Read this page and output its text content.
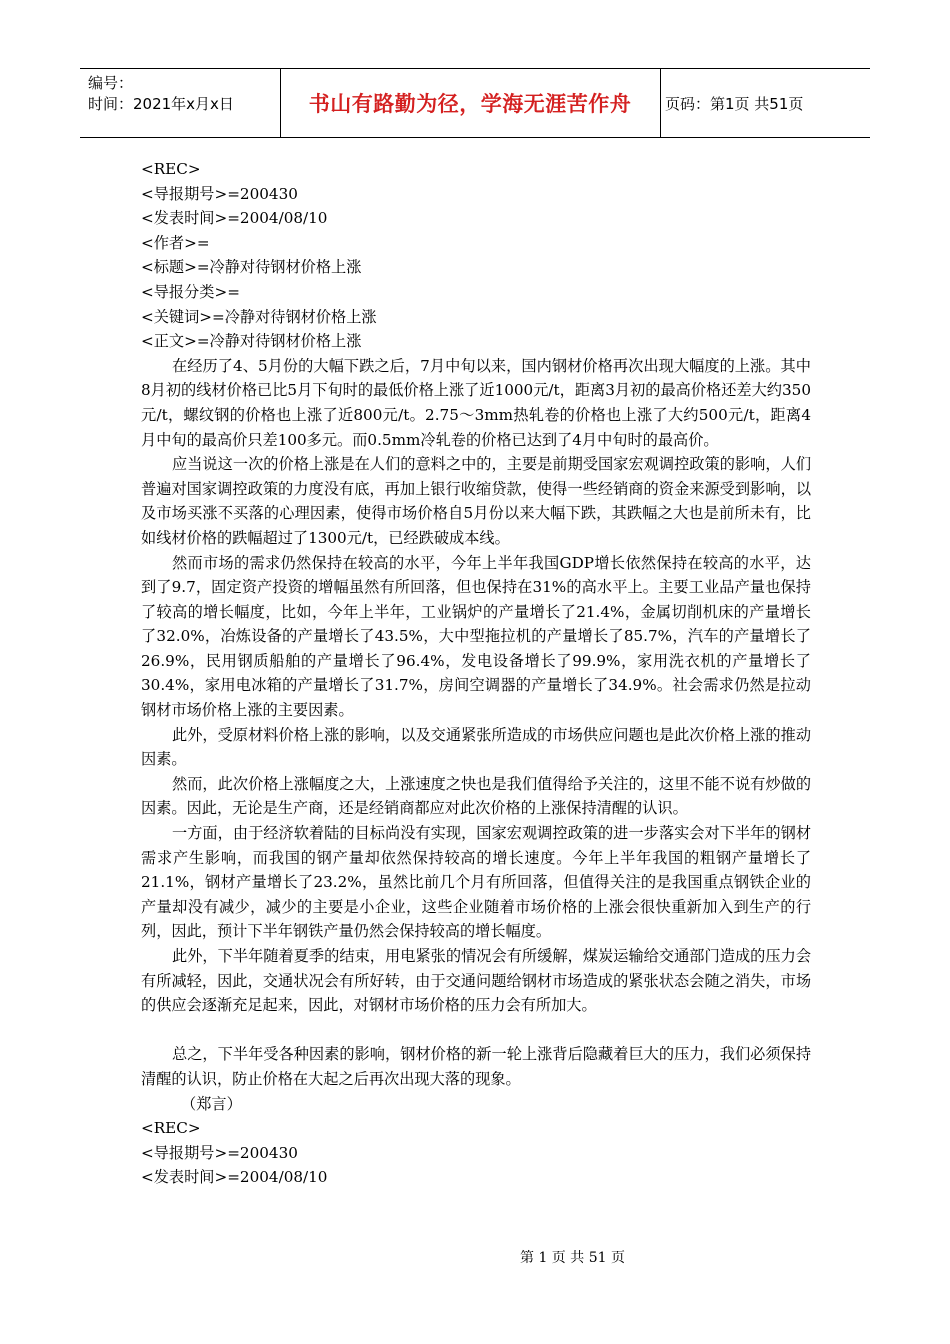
编号：
时间：2021年x月x日	书山有路勤为径，学海无涯苦作舟 页码：第1页 共51页
<REC>
<导报期号>=200430
<发表时间>=2004/08/10
<作者>=
<标题>=冷静对待钢材价格上涨
<导报分类>=
<关键词>=冷静对待钢材价格上涨
<正文>=冷静对待钢材价格上涨
在经历了4、5月份的大幅下跌之后，7月中旬以来，国内钢材价格再次出现大幅度的上涨。其中8月初的线材价格已比5月下旬时的最低价格上涨了近1000元/t，距离3月初的最高价格还差大约350元/t，螺纹钢的价格也上涨了近800元/t。2.75～3mm热轧卷的价格也上涨了大约500元/t，距离4月中旬的最高价只差100多元。而0.5mm冷轧卷的价格已达到了4月中旬时的最高价。
应当说这一次的价格上涨是在人们的意料之中的，主要是前期受国家宏观调控政策的影响，人们普遍对国家调控政策的力度没有底，再加上银行收缩贷款，使得一些经销商的资金来源受到影响，以及市场买涨不买落的心理因素，使得市场价格自5月份以来大幅下跌，其跌幅之大也是前所未有，比如线材价格的跌幅超过了1300元/t，已经跌破成本线。
然而市场的需求仍然保持在较高的水平，今年上半年我国GDP增长依然保持在较高的水平，达到了9.7，固定资产投资的增幅虽然有所回落，但也保持在31%的高水平上。主要工业品产量也保持了较高的增长幅度，比如，今年上半年，工业锅炉的产量增长了21.4%，金属切削机床的产量增长了32.0%，冶炼设备的产量增长了43.5%，大中型拖拉机的产量增长了85.7%，汽车的产量增长了26.9%，民用钢质船舶的产量增长了96.4%，发电设备增长了99.9%，家用洗衣机的产量增长了30.4%，家用电冰箱的产量增长了31.7%，房间空调器的产量增长了34.9%。社会需求仍然是拉动钢材市场价格上涨的主要因素。
此外，受原材料价格上涨的影响，以及交通紧张所造成的市场供应问题也是此次价格上涨的推动因素。
然而，此次价格上涨幅度之大，上涨速度之快也是我们值得给予关注的，这里不能不说有炒做的因素。因此，无论是生产商，还是经销商都应对此次价格的上涨保持清醒的认识。
一方面，由于经济软着陆的目标尚没有实现，国家宏观调控政策的进一步落实会对下半年的钢材需求产生影响，而我国的钢产量却依然保持较高的增长速度。今年上半年我国的粗钢产量增长了21.1%，钢材产量增长了23.2%，虽然比前几个月有所回落，但值得关注的是我国重点钢铁企业的产量却没有减少，减少的主要是小企业，这些企业随着市场价格的上涨会很快重新加入到生产的行列，因此，预计下半年钢铁产量仍然会保持较高的增长幅度。
此外，下半年随着夏季的结束，用电紧张的情况会有所缓解，煤炭运输给交通部门造成的压力会有所减轻，因此，交通状况会有所好转，由于交通问题给钢材市场造成的紧张状态会随之消失，市场的供应会逐渐充足起来，因此，对钢材市场价格的压力会有所加大。
总之，下半年受各种因素的影响，钢材价格的新一轮上涨背后隐藏着巨大的压力，我们必须保持清醒的认识，防止价格在大起之后再次出现大落的现象。
（郑言）
<REC>
<导报期号>=200430
<发表时间>=2004/08/10
第 1 页 共 51 页
